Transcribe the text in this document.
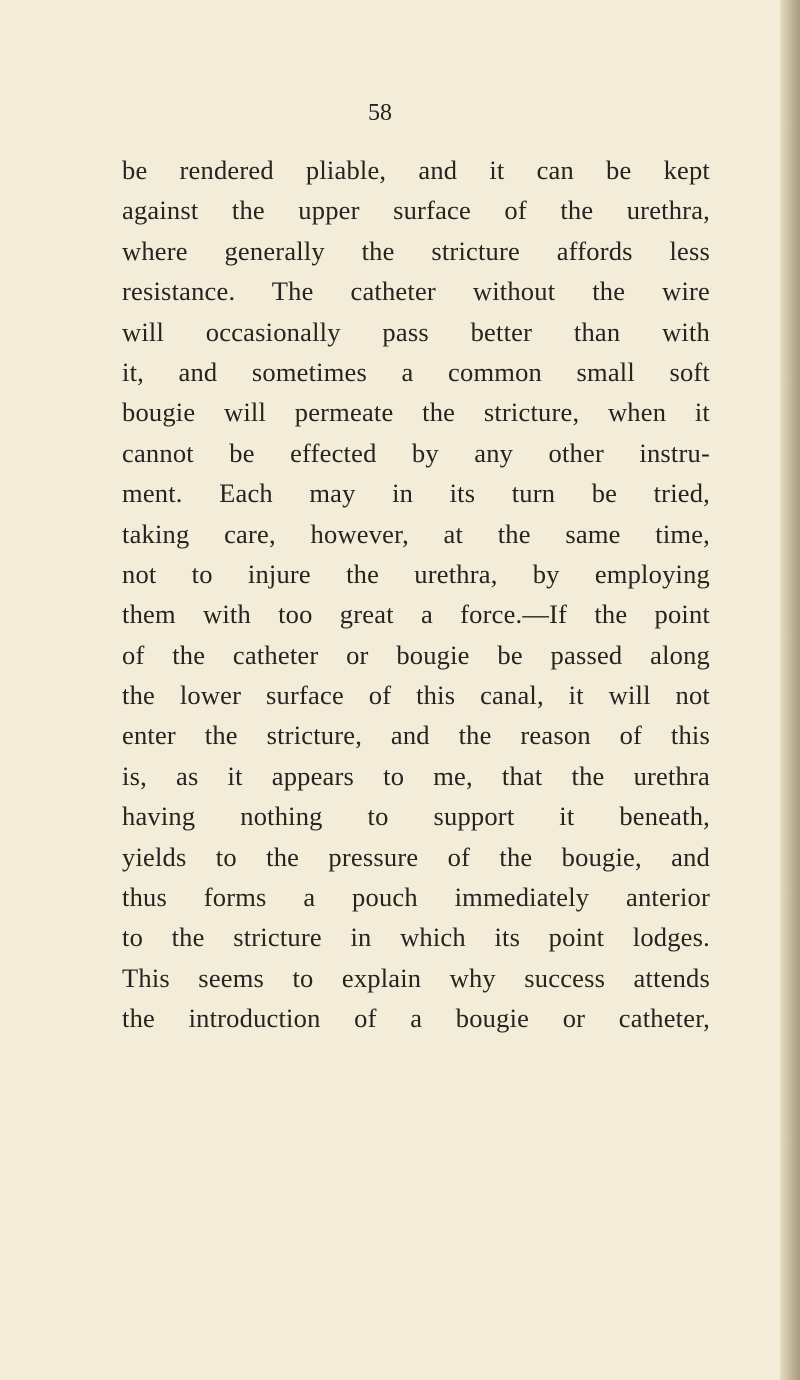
58

be rendered pliable, and it can be kept
against the upper surface of the urethra,
where generally the stricture affords less
resistance. The catheter without the wire
will occasionally pass better than with
it, and sometimes a common small soft
bougie will permeate the stricture, when it
cannot be effected by any other instru-
ment. Each may in its turn be tried,
taking care, however, at the same time,
not to injure the urethra, by employing
them with too great a force.—If the point
of the catheter or bougie be passed along
the lower surface of this canal, it will not
enter the stricture, and the reason of this
is, as it appears to me, that the urethra
having nothing to support it beneath,
yields to the pressure of the bougie, and
thus forms a pouch immediately anterior
to the stricture in which its point lodges.
This seems to explain why success attends
the introduction of a bougie or catheter,
